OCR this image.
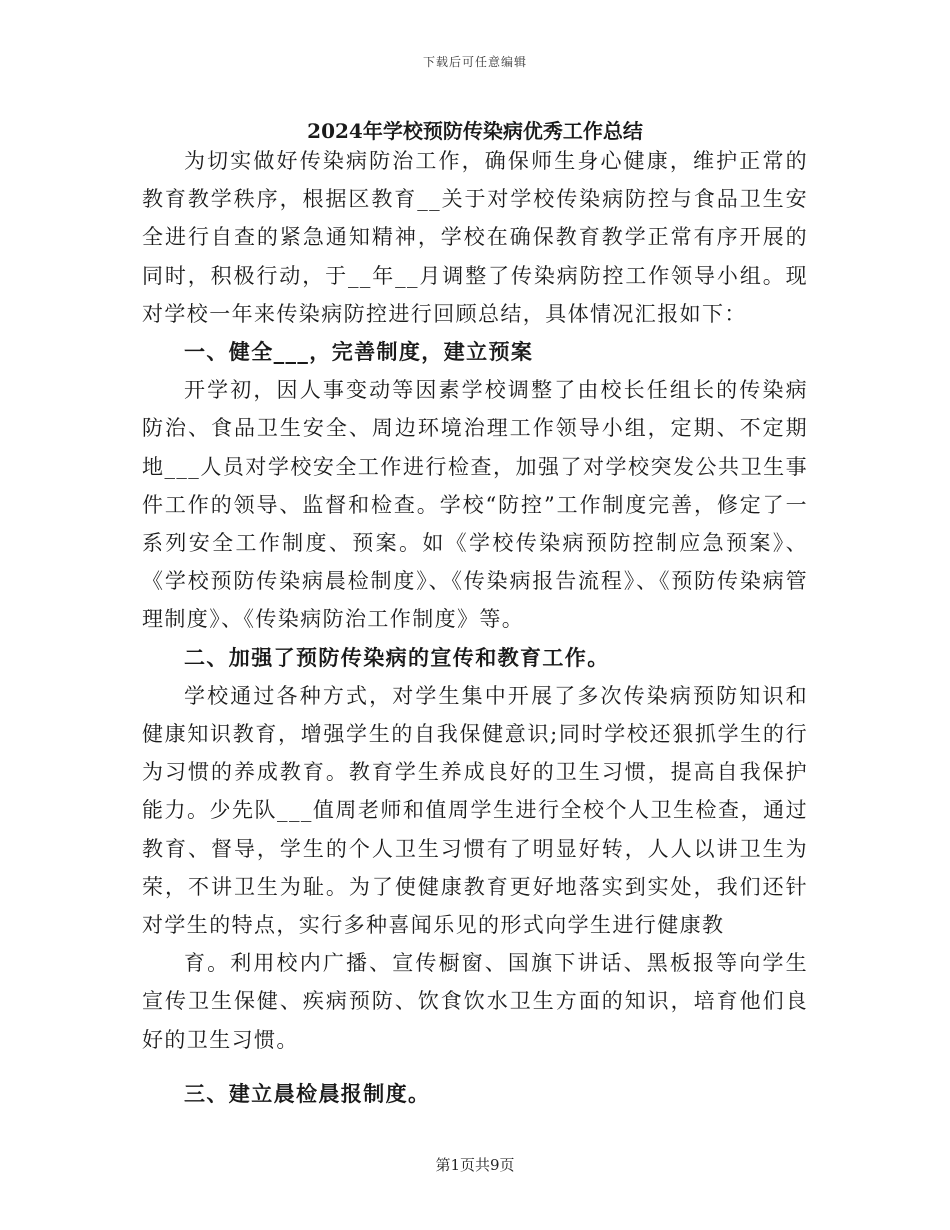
下载后可任意编辑
2024年学校预防传染病优秀工作总结

为切实做好传染病防治工作，确保师生身心健康，维护正常的教育教学秩序，根据区教育__关于对学校传染病防控与食品卫生安全进行自查的紧急通知精神，学校在确保教育教学正常有序开展的同时，积极行动，于__年__月调整了传染病防控工作领导小组。现对学校一年来传染病防控进行回顾总结，具体情况汇报如下：

一、健全___，完善制度，建立预案

开学初，因人事变动等因素学校调整了由校长任组长的传染病防治、食品卫生安全、周边环境治理工作领导小组，定期、不定期地___人员对学校安全工作进行检查，加强了对学校突发公共卫生事件工作的领导、监督和检查。学校“防控”工作制度完善，修定了一系列安全工作制度、预案。如《学校传染病预防控制应急预案》、《学校预防传染病晨检制度》、《传染病报告流程》、《预防传染病管理制度》、《传染病防治工作制度》等。

二、加强了预防传染病的宣传和教育工作。

学校通过各种方式，对学生集中开展了多次传染病预防知识和健康知识教育，增强学生的自我保健意识;同时学校还狠抓学生的行为习惯的养成教育。教育学生养成良好的卫生习惯，提高自我保护能力。少先队___值周老师和值周学生进行全校个人卫生检查，通过教育、督导，学生的个人卫生习惯有了明显好转，人人以讲卫生为荣，不讲卫生为耻。为了使健康教育更好地落实到实处，我们还针对学生的特点，实行多种喜闻乐见的形式向学生进行健康教

育。利用校内广播、宣传橱窗、国旗下讲话、黑板报等向学生宣传卫生保健、疾病预防、饮食饮水卫生方面的知识，培育他们良好的卫生习惯。

三、建立晨检晨报制度。

第1页共9页
